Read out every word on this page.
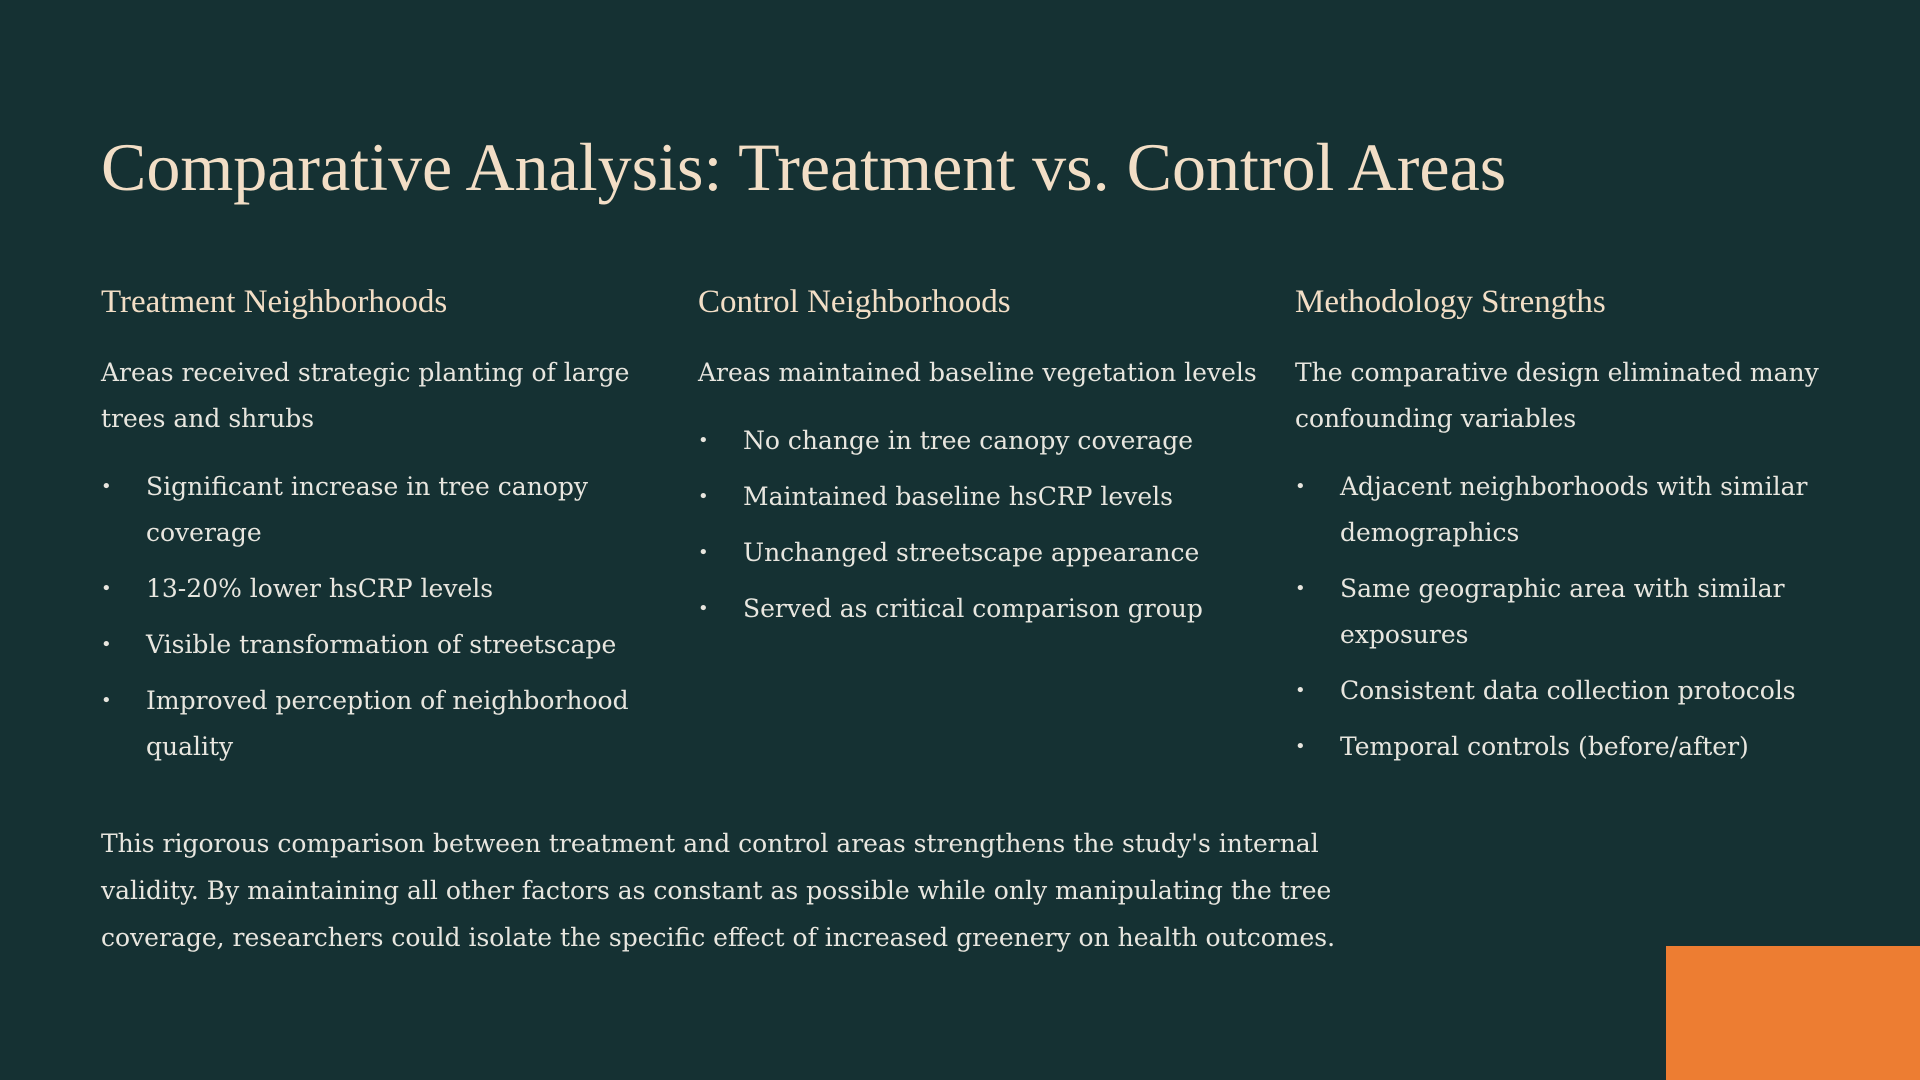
Comparative Analysis: Treatment vs. Control Areas
Treatment Neighborhoods

Areas received strategic planting of large trees and shrubs

• Significant increase in tree canopy coverage
• 13-20% lower hsCRP levels
• Visible transformation of streetscape
• Improved perception of neighborhood quality
Control Neighborhoods

Areas maintained baseline vegetation levels

• No change in tree canopy coverage
• Maintained baseline hsCRP levels
• Unchanged streetscape appearance
• Served as critical comparison group
Methodology Strengths

The comparative design eliminated many confounding variables

• Adjacent neighborhoods with similar demographics
• Same geographic area with similar exposures
• Consistent data collection protocols
• Temporal controls (before/after)

This rigorous comparison between treatment and control areas strengthens the study's internal validity. By maintaining all other factors as constant as possible while only manipulating the tree coverage, researchers could isolate the specific effect of increased greenery on health outcomes.
